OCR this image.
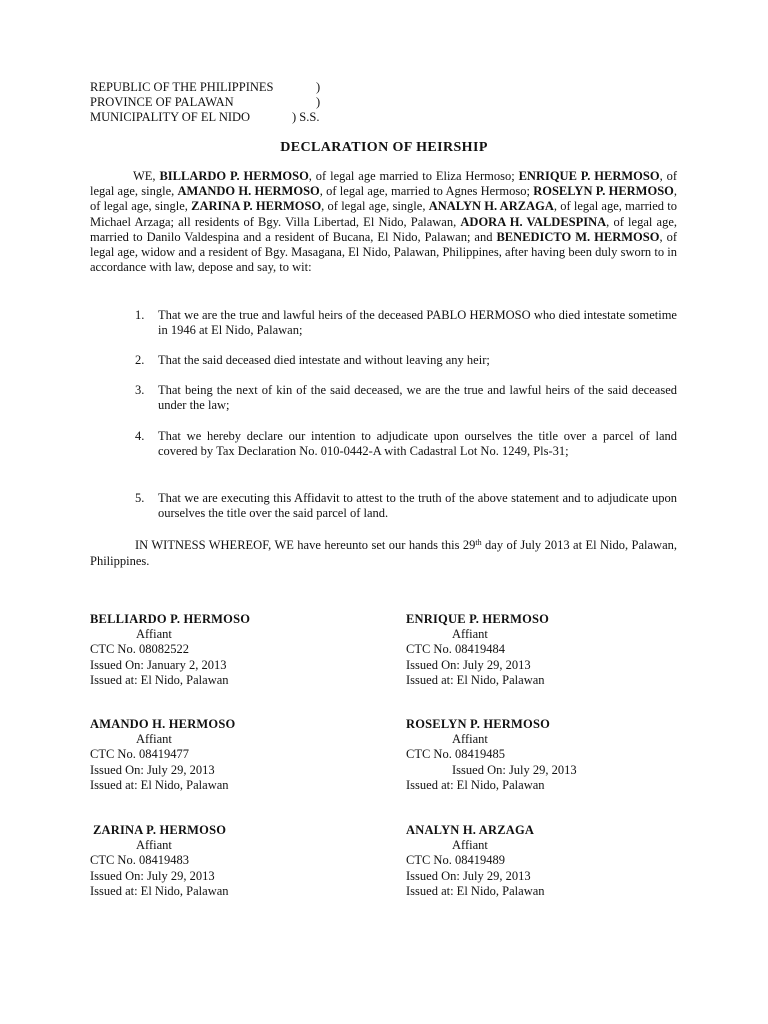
REPUBLIC OF THE PHILIPPINES	)
PROVINCE OF PALAWAN	)
MUNICIPALITY OF EL NIDO	) S.S.
DECLARATION OF HEIRSHIP
WE, BILLARDO P. HERMOSO, of legal age married to Eliza Hermoso; ENRIQUE P. HERMOSO, of legal age, single, AMANDO H. HERMOSO, of legal age, married to Agnes Hermoso; ROSELYN P. HERMOSO, of legal age, single, ZARINA P. HERMOSO, of legal age, single, ANALYN H. ARZAGA, of legal age, married to Michael Arzaga; all residents of Bgy. Villa Libertad, El Nido, Palawan, ADORA H. VALDESPINA, of legal age, married to Danilo Valdespina and a resident of Bucana, El Nido, Palawan; and BENEDICTO M. HERMOSO, of legal age, widow and a resident of Bgy. Masagana, El Nido, Palawan, Philippines, after having been duly sworn to in accordance with law, depose and say, to wit:
1. That we are the true and lawful heirs of the deceased PABLO HERMOSO who died intestate sometime in 1946 at El Nido, Palawan;
2. That the said deceased died intestate and without leaving any heir;
3. That being the next of kin of the said deceased, we are the true and lawful heirs of the said deceased under the law;
4. That we hereby declare our intention to adjudicate upon ourselves the title over a parcel of land covered by Tax Declaration No. 010-0442-A with Cadastral Lot No. 1249, Pls-31;
5. That we are executing this Affidavit to attest to the truth of the above statement and to adjudicate upon ourselves the title over the said parcel of land.
IN WITNESS WHEREOF, WE have hereunto set our hands this 29th day of July 2013 at El Nido, Palawan, Philippines.
BELLIARDO P. HERMOSO
Affiant
CTC No. 08082522
Issued On: January 2, 2013
Issued at: El Nido, Palawan
ENRIQUE P. HERMOSO
Affiant
CTC No. 08419484
Issued On: July 29, 2013
Issued at: El Nido, Palawan
AMANDO H. HERMOSO
Affiant
CTC No. 08419477
Issued On: July 29, 2013
Issued at: El Nido, Palawan
ROSELYN P. HERMOSO
Affiant
CTC No. 08419485
Issued On: July 29, 2013
Issued at: El Nido, Palawan
ZARINA P. HERMOSO
Affiant
CTC No. 08419483
Issued On: July 29, 2013
Issued at: El Nido, Palawan
ANALYN H. ARZAGA
Affiant
CTC No. 08419489
Issued On: July 29, 2013
Issued at: El Nido, Palawan
